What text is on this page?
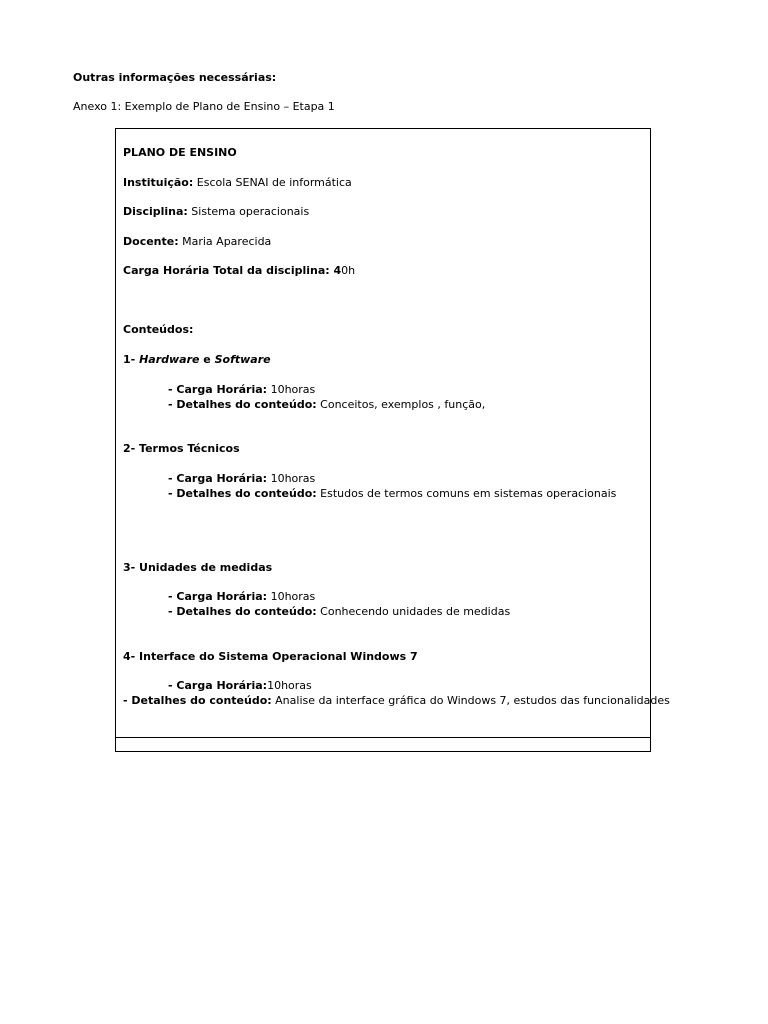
Outras informações necessárias:
Anexo 1: Exemplo de Plano de Ensino – Etapa 1
PLANO DE ENSINO
Instituição: Escola SENAI de informática
Disciplina: Sistema operacionais
Docente: Maria Aparecida
Carga Horária Total da disciplina: 40h
Conteúdos:
1- Hardware e Software
- Carga Horária: 10horas
- Detalhes do conteúdo: Conceitos, exemplos , função,
2- Termos Técnicos
- Carga Horária: 10horas
- Detalhes do conteúdo: Estudos de termos comuns em sistemas operacionais
3- Unidades de medidas
- Carga Horária: 10horas
- Detalhes do conteúdo: Conhecendo unidades de medidas
4- Interface do Sistema Operacional Windows 7
- Carga Horária:10horas
- Detalhes do conteúdo: Analise da interface gráfica do Windows 7, estudos das funcionalidades
